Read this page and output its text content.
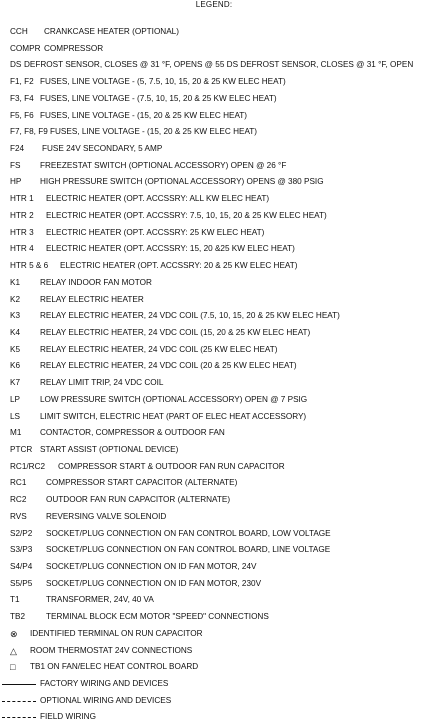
LEGEND:
CCH CRANKCASE HEATER (OPTIONAL)
COMPR COMPRESSOR
DS DEFROST SENSOR, CLOSES @ 31 °F, OPENS @ 55 DS DEFROST SENSOR, CLOSES @ 31 °F, OPEN
F1, F2 FUSES, LINE VOLTAGE - (5, 7.5, 10, 15, 20 & 25 KW ELEC HEAT)
F3, F4 FUSES, LINE VOLTAGE - (7.5, 10, 15, 20 & 25 KW ELEC HEAT)
F5, F6 FUSES, LINE VOLTAGE - (15, 20 & 25 KW ELEC HEAT)
F7, F8, F9 FUSES, LINE VOLTAGE - (15, 20 & 25 KW ELEC HEAT)
F24 FUSE 24V SECONDARY, 5 AMP
FS FREEZESTAT SWITCH (OPTIONAL ACCESSORY) OPEN @ 26 °F
HP HIGH PRESSURE SWITCH (OPTIONAL ACCESSORY) OPENS @ 380 PSIG
HTR 1 ELECTRIC HEATER (OPT. ACCSSRY: ALL KW ELEC HEAT)
HTR 2 ELECTRIC HEATER (OPT. ACCSSRY: 7.5, 10, 15, 20 & 25 KW ELEC HEAT)
HTR 3 ELECTRIC HEATER (OPT. ACCSSRY: 25 KW ELEC HEAT)
HTR 4 ELECTRIC HEATER (OPT. ACCSSRY: 15, 20 &25 KW ELEC HEAT)
HTR 5 & 6 ELECTRIC HEATER (OPT. ACCSSRY: 20 & 25 KW ELEC HEAT)
K1 RELAY INDOOR FAN MOTOR
K2 RELAY ELECTRIC HEATER
K3 RELAY ELECTRIC HEATER, 24 VDC COIL (7.5, 10, 15, 20 & 25 KW ELEC HEAT)
K4 RELAY ELECTRIC HEATER, 24 VDC COIL (15, 20 & 25 KW ELEC HEAT)
K5 RELAY ELECTRIC HEATER, 24 VDC COIL (25 KW ELEC HEAT)
K6 RELAY ELECTRIC HEATER, 24 VDC COIL (20 & 25 KW ELEC HEAT)
K7 RELAY LIMIT TRIP, 24 VDC COIL
LP LOW PRESSURE SWITCH (OPTIONAL ACCESSORY) OPEN @ 7 PSIG
LS LIMIT SWITCH, ELECTRIC HEAT (PART OF ELEC HEAT ACCESSORY)
M1 CONTACTOR, COMPRESSOR & OUTDOOR FAN
PTCR START ASSIST (OPTIONAL DEVICE)
RC1/RC2 COMPRESSOR START & OUTDOOR FAN RUN CAPACITOR
RC1 COMPRESSOR START CAPACITOR (ALTERNATE)
RC2 OUTDOOR FAN RUN CAPACITOR (ALTERNATE)
RVS REVERSING VALVE SOLENOID
S2/P2 SOCKET/PLUG CONNECTION ON FAN CONTROL BOARD, LOW VOLTAGE
S3/P3 SOCKET/PLUG CONNECTION ON FAN CONTROL BOARD, LINE VOLTAGE
S4/P4 SOCKET/PLUG CONNECTION ON ID FAN MOTOR, 24V
S5/P5 SOCKET/PLUG CONNECTION ON ID FAN MOTOR, 230V
T1	TRANSFORMER, 24V, 40 VA
TB2	TERMINAL BLOCK ECM MOTOR "SPEED" CONNECTIONS
⊗ IDENTIFIED TERMINAL ON RUN CAPACITOR
△ ROOM THERMOSTAT 24V CONNECTIONS
□ TB1 ON FAN/ELEC HEAT CONTROL BOARD
FACTORY WIRING AND DEVICES
OPTIONAL WIRING AND DEVICES
FIELD WIRING
